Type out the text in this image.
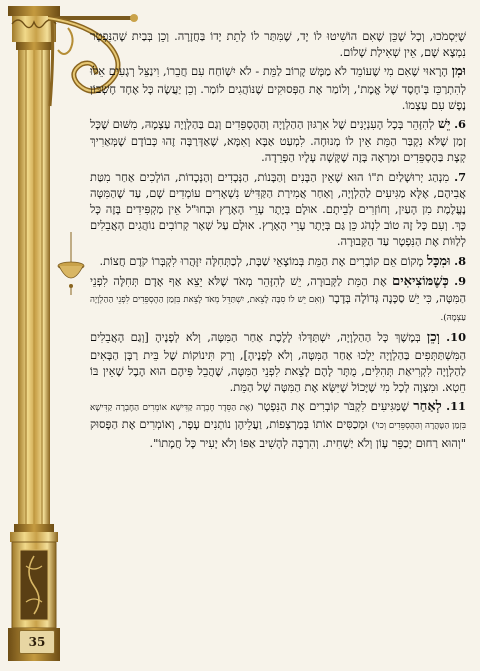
35

שֶׁיִּסְמֹכוּ, וְכָל שֶׁכֵּן שֶׁאִם הוֹשִׁיטוּ לוֹ יָד, שֶׁמִּתַּר לוֹ לָתֵת יָדוֹ בַּחֲזָרָה. וְכֵן בְּבַיִת שֶׁהַנִּפְטָר נִמְצָא שָׁם, אֵין שְׁאִילַת שָׁלוֹם.

וּמִן הָרָאוּי שֶׁאִם מִי שֶׁעוֹמֵד לֹא מַמָּשׁ קָרוֹב לַמֵּת - לֹא יִשְׁוֹחַח עִם חֲבֵרוֹ, וִינַצֵּל רְגָעִים אֵלּוּ לְהִתְרַכֵּז בְּ'חֶסֶד שֶׁל אֱמֶת', וְלוֹמַר אֶת הַפְּסוּקִים שֶׁנּוֹהֲגִים לוֹמַר. וְכֵן יַעֲשֶׂה כָּל אֶחָד חֶשְׁבּוֹן נֶפֶשׁ עִם עַצְמוֹ.

6. יֵשׁ לְהִזָּהֵר בְּכָל הָעִנְיָנִים שֶׁל אִרְגּוּן הַהַלְוָיָה וְהַהֶסְפֵּדִים וְגַם בַּהַלְוָיָה עַצְמָהּ, מִשּׁוּם שֶׁכָּל זְמַן שֶׁלֹּא נִקְבַּר הַמֵּת אֵין לוֹ מְנוּחָה. לִמְעַט אַבָּא וְאִמָּא, שֶׁאַדְּרַבָּה זֶהוּ כְּבוֹדָם שֶׁמְּאַרִיךְ קְצָת בַּהֶסְפֵּדִים וּמַרְאֶה בָּזֶה שֶׁקָּשָׁה עָלָיו הַפְּרֵדָה.

7. מִנְהַג יְרוּשָׁלַיִם ת"וֹ הוּא שֶׁאֵין הַבָּנִים וְהַבָּנוֹת, הַנְּכָדִים וְהַנְּכָדוֹת, הוֹלְכִים אַחַר מִטַּת אֲבִיהֶם, אֶלָּא מַגִּיעִים לַהַלְוָיָה, וְאַחַר אֲמִירַת הַקַּדִּישׁ נִשְׁאָרִים עוֹמְדִים שָׁם, עַד שֶׁהַמִּטָּה נֶעֱלֶמֶת מִן הָעַיִן, וְחוֹזְרִים לְבֵיתָם. אוּלָם בְּיֶתֶר עָרֵי הָאָרֶץ וּבְחוּ"ל אֵין מַקְפִּידִים בָּזֶה כָּל כָּךְ. וְעִם כָּל זֶה טוֹב לִנְהֹג כֵּן גַּם בְּיֶתֶר עָרֵי הָאָרֶץ. אוּלָם עַל שְׁאָר קְרוֹבִים נוֹהֲגִים הָאֲבֵלִים לְלַוּוֹת אֶת הַנִּפְטָר עַד הַקְּבוּרָה.

8. וּמִכָּל מָקוֹם אֵם קוֹבְרִים אֶת הַמֵּת בְּמוֹצָאֵי שַׁבָּת, לְכַתְּחִלָּה יִזָּהֲרוּ לִקְבְּרוֹ קֹדֶם חֲצוֹת.

9. כְּשֶׁמּוֹצִיאִים אֶת הַמֵּת לַקְּבוּרָה, יֵשׁ לְהִזָּהֵר מְאֹד שֶׁלֹּא יֵצֵא אַף אָדָם תְּחִלָּה לִפְנֵי הַמִּטָּה, כִּי יֵשׁ סַכָּנָה גְּדוֹלָה בְּדָבָר (וְאִם יֵשׁ לוֹ סִבָּה לָצֵאת, יִשְׁתַּדֵּל מְאֹד לָצֵאת בִּזְמַן הַהֶסְפֵּדִים לִפְנֵי הַהַלְוָיָה עַצְמָהּ).

10. וְכֵן בְּמֶשֶׁךְ כָּל הַהַלְוָיָה, יִשְׁתַּדְּלוּ לָלֶכֶת אַחַר הַמִּטָּה, וְלֹא לְפָנֶיהָ [וְגַם הָאֲבֵלִים הַמִּשְׁתַּתְּפִים בַּהַלְוָיָה יֵלְכוּ אַחַר הַמִּטָּה, וְלֹא לְפָנֶיהָ], וְרַק תִּינוֹקוֹת שֶׁל בֵּית רַבָּן הַבָּאִים לַהַלְוָיָה לִקְרִיאַת תְּהִלִּים, מֻתָּר לָהֶם לָצֵאת לִפְנֵי הַמִּטָּה, שֶׁהֲבֵל פִּיהֶם הוּא הֶבֶל שֶׁאֵין בּוֹ חֵטְא. וּמִצְוָה לְכָל מִי שֶׁיָּכוֹל שֶׁיִּשָּׂא אֶת הַמִּטָּה שֶׁל הַמֵּת.

11. לְאַחַר שֶׁמַּגִּיעִים לִקְבֹּר קוֹבְרִים אֶת הַנִּפְטָר (אֶת הַסֵּדֶר חֶבְרָה קַדִּישָׁא אוֹמְרִים הַחֶבְרָה קַדִּישָׁא בִּזְמַן הַטָּהֳרָה וְהַהֶסְפֵּדִים וְכוּ') וּמְכַסִּים אוֹתוֹ בְּמַרְצְפוֹת, וַעֲלֵיהֶן נוֹתְנִים עָפָר, וְאוֹמְרִים אֶת הַפָּסוּק "וְהוּא רַחוּם יְכַפֵּר עָוֹן וְלֹא יַשְׁחִית. וְהִרְבָּה לְהָשִׁיב אַפּוֹ וְלֹא יָעִיר כָּל חֲמָתוֹ".
